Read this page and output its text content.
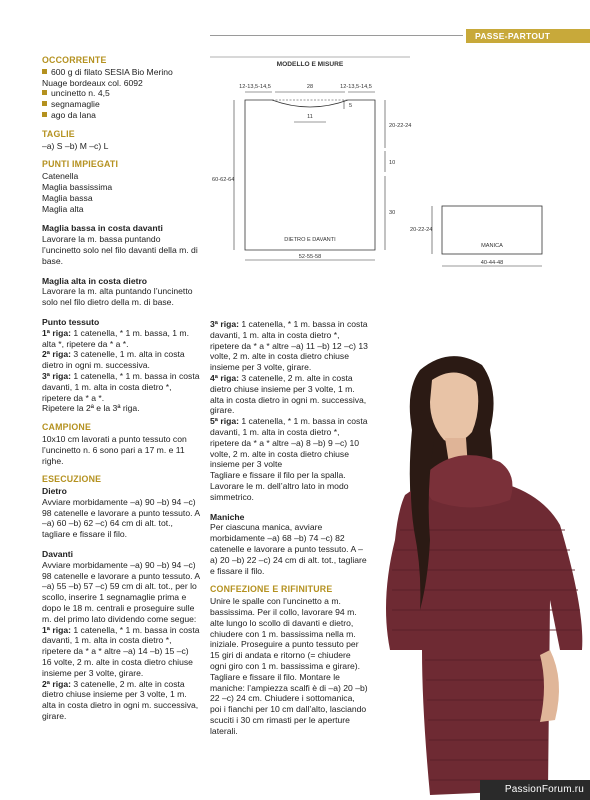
PASSE-PARTOUT
OCCORRENTE

600 g di filato SESIA Bio Merino Nuage bordeaux col. 6092

uncinetto n. 4,5

segnamaglie

ago da lana

TAGLIE

–a) S –b) M –c) L

PUNTI IMPIEGATI

Catenella

Maglia bassissima

Maglia bassa

Maglia alta

Maglia bassa in costa davanti

Lavorare la m. bassa puntando l’uncinetto solo nel filo davanti della m. di base.

Maglia alta in costa dietro

Lavorare la m. alta puntando l’uncinetto solo nel filo dietro della m. di base.

Punto tessuto

1ª riga: 1 catenella, * 1 m. bassa, 1 m. alta *, ripetere da * a *.

2ª riga: 3 catenelle, 1 m. alta in costa dietro in ogni m. successiva.

3ª riga: 1 catenella, * 1 m. bassa in costa davanti, 1 m. alta in costa dietro *, ripetere da * a *.

Ripetere la 2ª e la 3ª riga.

CAMPIONE

10x10 cm lavorati a punto tessuto con l’uncinetto n. 6 sono pari a 17 m. e 11 righe.

ESECUZIONE

Dietro

Avviare morbidamente –a) 90 –b) 94 –c) 98 catenelle e lavorare a punto tessuto. A –a) 60 –b) 62 –c) 64 cm di alt. tot., tagliare e fissare il filo.

Davanti

Avviare morbidamente –a) 90 –b) 94 –c) 98 catenelle e lavorare a punto tessuto. A –a) 55 –b) 57 –c) 59 cm di alt. tot., per lo scollo, inserire 1 segnamaglie prima e dopo le 18 m. centrali e proseguire sulle m. del primo lato dividendo come segue:

1ª riga: 1 catenella, * 1 m. bassa in costa davanti, 1 m. alta in costa dietro *, ripetere da * a * altre –a) 14 –b) 15 –c) 16 volte, 2 m. alte in costa dietro chiuse insieme per 3 volte, girare.

2ª riga: 3 catenelle, 2 m. alte in costa dietro chiuse insieme per 3 volte, 1 m. alta in costa dietro in ogni m. successiva, girare.

MODELLO E MISURE
12-13,5-14,5	28	12-13,5-14,5
5
11
20-22-24
10
30
60-62-64
DIETRO E DAVANTI
52-55-58
20-22-24
MANICA
40-44-48

3ª riga: 1 catenella, * 1 m. bassa in costa davanti, 1 m. alta in costa dietro *, ripetere da * a * altre –a) 11 –b) 12 –c) 13 volte, 2 m. alte in costa dietro chiuse insieme per 3 volte, girare.

4ª riga: 3 catenelle, 2 m. alte in costa dietro chiuse insieme per 3 volte, 1 m. alta in costa dietro in ogni m. successiva, girare.

5ª riga: 1 catenella, * 1 m. bassa in costa davanti, 1 m. alta in costa dietro *, ripetere da * a * altre –a) 8 –b) 9 –c) 10 volte, 2 m. alte in costa dietro chiuse insieme per 3 volte

Tagliare e fissare il filo per la spalla.

Lavorare le m. dell’altro lato in modo simmetrico.

Maniche

Per ciascuna manica, avviare morbidamente –a) 68 –b) 74 –c) 82 catenelle e lavorare a punto tessuto. A –a) 20 –b) 22 –c) 24 cm di alt. tot., tagliare e fissare il filo.

CONFEZIONE E RIFINITURE

Unire le spalle con l’uncinetto a m. bassissima. Per il collo, lavorare 94 m. alte lungo lo scollo di davanti e dietro, chiudere con 1 m. bassissima nella m. iniziale. Proseguire a punto tessuto per 15 giri di andata e ritorno (= chiudere ogni giro con 1 m. bassissima e girare). Tagliare e fissare il filo. Montare le maniche: l’ampiezza scalfi è di –a) 20 –b) 22 –c) 24 cm. Chiudere i sottomanica, poi i fianchi per 10 cm dall’alto, lasciando scuciti i 30 cm rimasti per le aperture laterali.

PassionForum.ru
